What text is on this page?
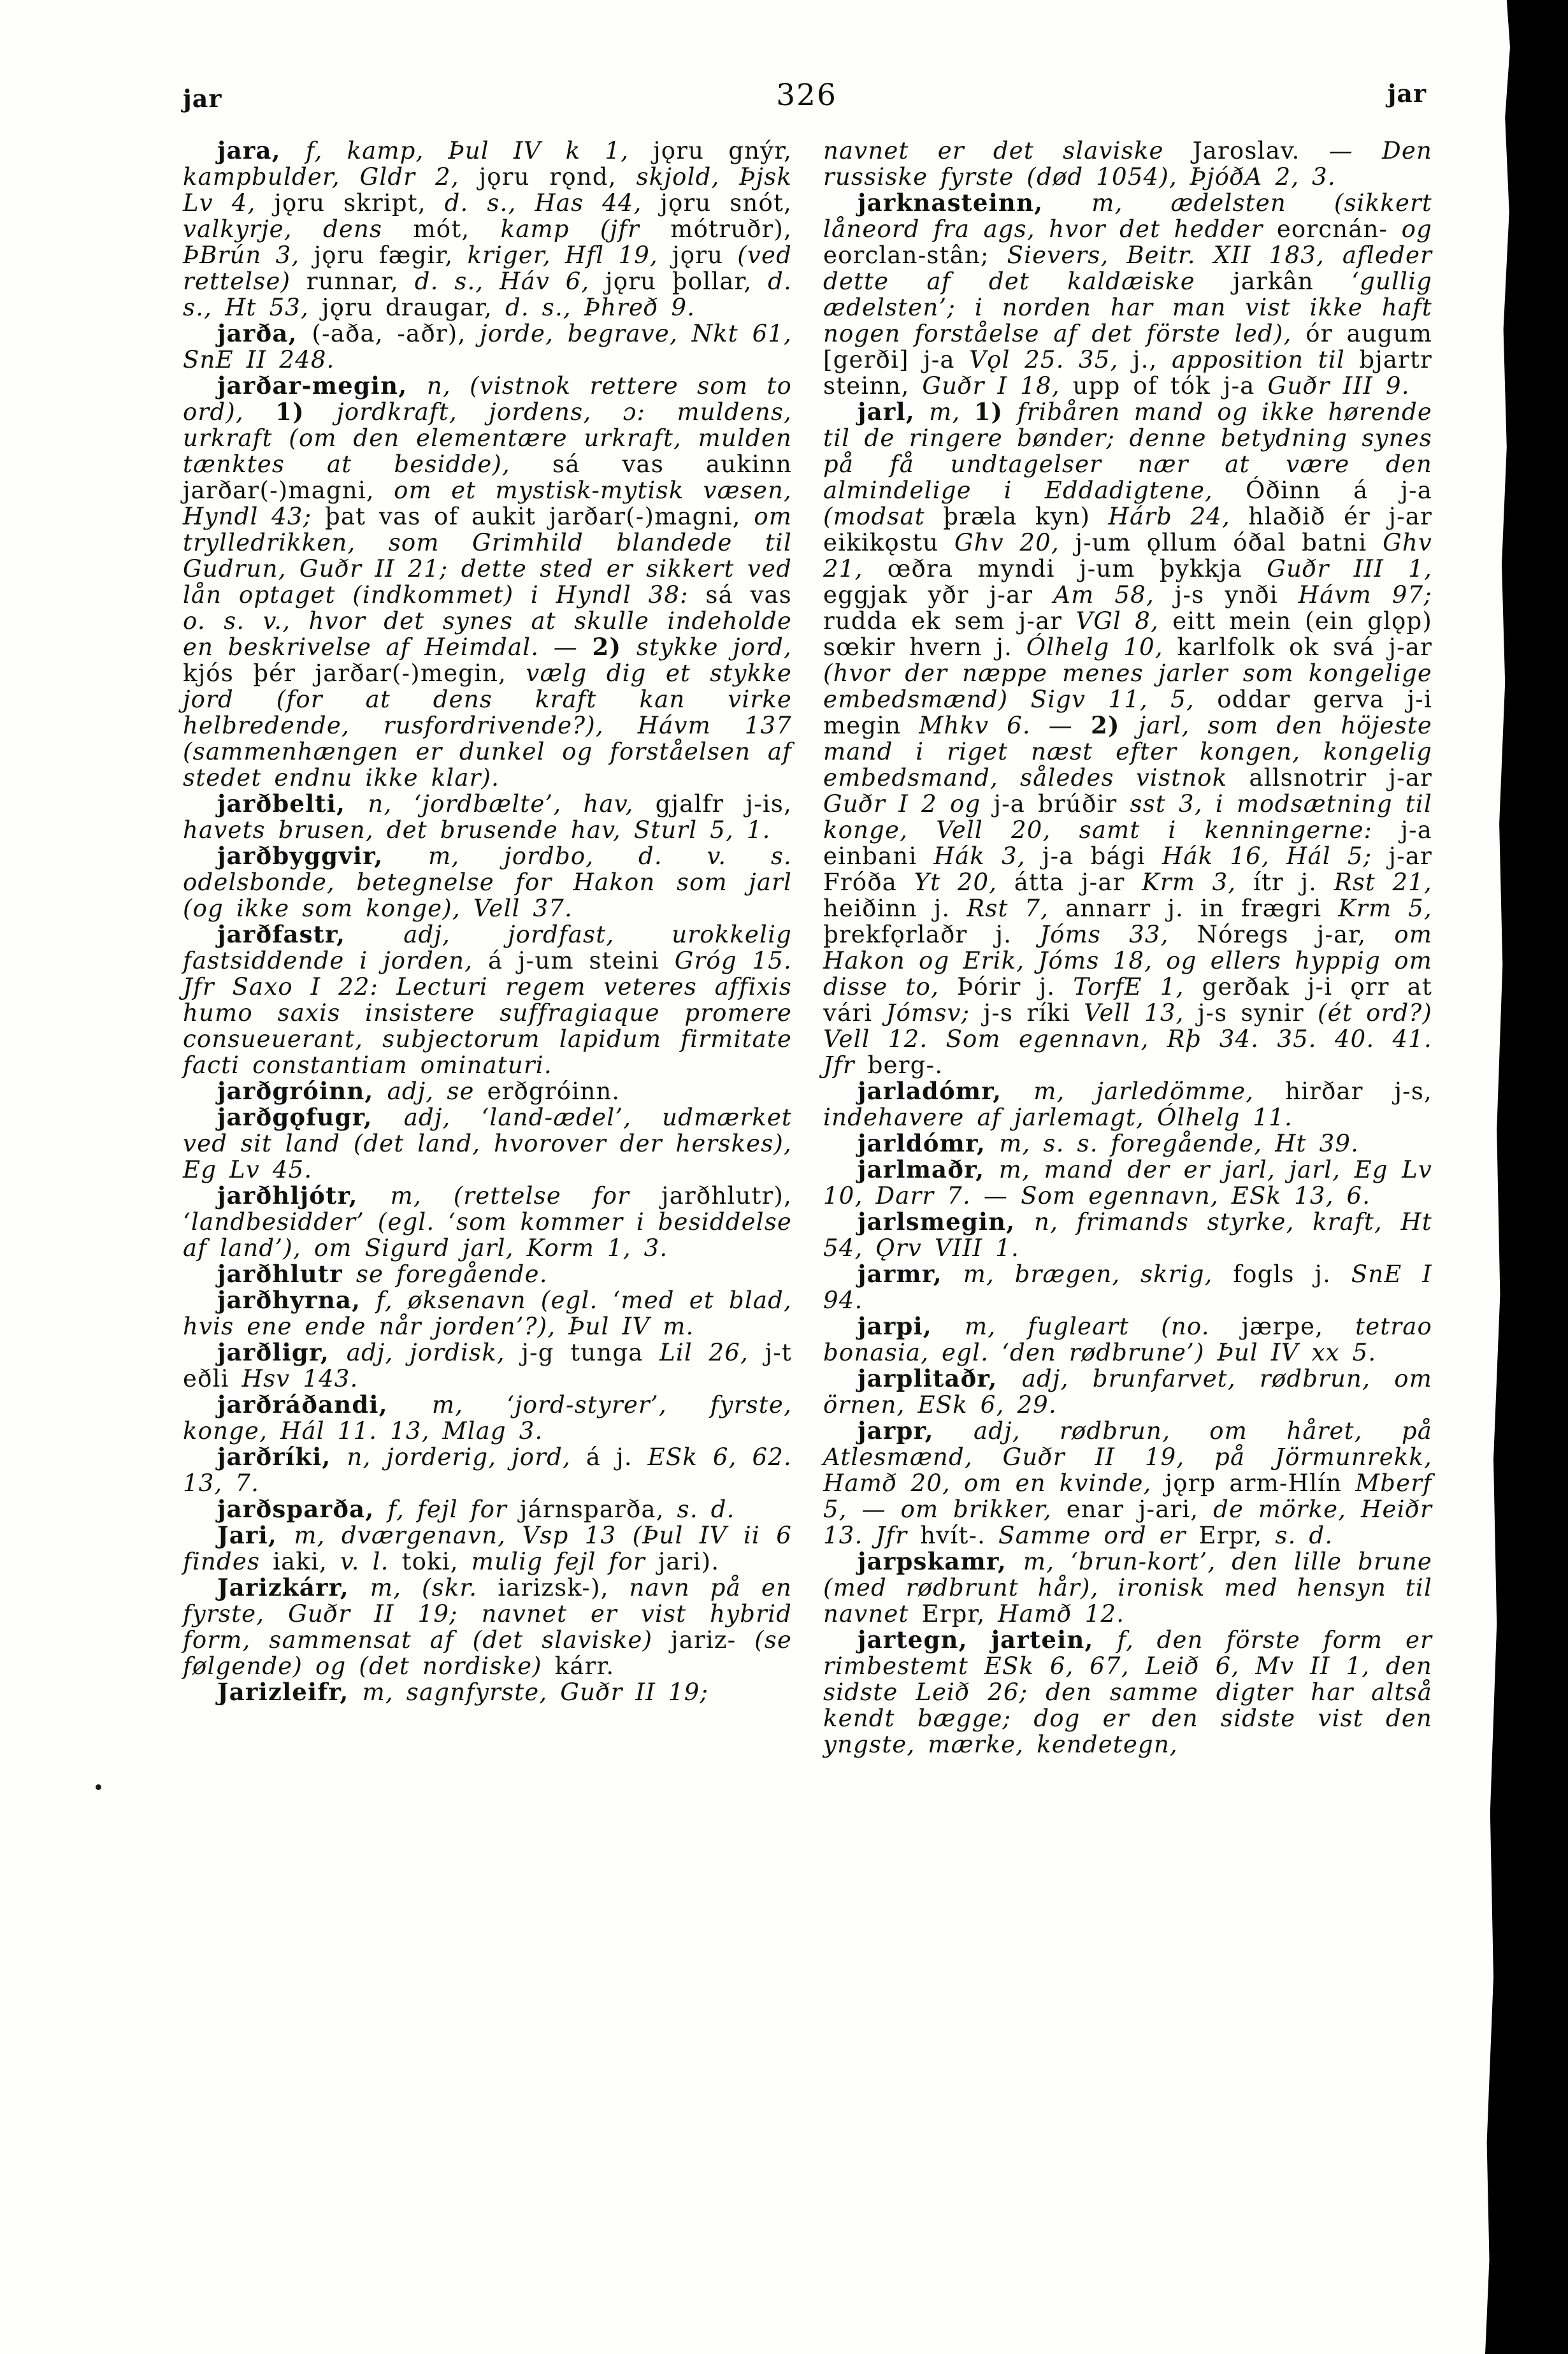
jar	326	jar

jara, f, kamp, Þul IV k 1, jǫru gnýr, kampbulder, Gldr 2, jǫru rǫnd, skjold, Þjsk Lv 4, jǫru skript, d. s., Has 44, jǫru snót, valkyrje, dens mót, kamp (jfr mótruðr), ÞBrún 3, jǫru fægir, kriger, Hfl 19, jǫru (ved rettelse) runnar, d. s., Háv 6, jǫru þollar, d. s., Ht 53, jǫru draugar, d. s., Þhreð 9.

jarða, (-aða, -aðr), jorde, begrave, Nkt 61, SnE II 248.

jarðar-megin, n, (vistnok rettere som to ord), 1) jordkraft, jordens, ɔ: muldens, urkraft (om den elementære urkraft, mulden tænktes at besidde), sá vas aukinn jarðar(-)magni, om et mystisk-mytisk væsen, Hyndl 43; þat vas of aukit jarðar(-)magni, om trylledrikken, som Grimhild blandede til Gudrun, Guðr II 21; dette sted er sikkert ved lån optaget (indkommet) i Hyndl 38: sá vas o. s. v., hvor det synes at skulle indeholde en beskrivelse af Heimdal. — 2) stykke jord, kjós þér jarðar(-)megin, vælg dig et stykke jord (for at dens kraft kan virke helbredende, rusfordrivende?), Hávm 137 (sammenhængen er dunkel og forståelsen af stedet endnu ikke klar).

jarðbelti, n, ‘jordbælte’, hav, gjalfr j-is, havets brusen, det brusende hav, Sturl 5, 1.

jarðbyggvir, m, jordbo, d. v. s. odelsbonde, betegnelse for Hakon som jarl (og ikke som konge), Vell 37.

jarðfastr, adj, jordfast, urokkelig fastsiddende i jorden, á j-um steini Gróg 15. Jfr Saxo I 22: Lecturi regem veteres affixis humo saxis insistere suffragiaque promere consueuerant, subjectorum lapidum firmitate facti constantiam ominaturi.

jarðgróinn, adj, se erðgróinn.

jarðgǫfugr, adj, ‘land-ædel’, udmærket ved sit land (det land, hvorover der herskes), Eg Lv 45.

jarðhljótr, m, (rettelse for jarðhlutr), ‘landbesidder’ (egl. ‘som kommer i besiddelse af land’), om Sigurd jarl, Korm 1, 3.

jarðhlutr se foregående.

jarðhyrna, f, øksenavn (egl. ‘med et blad, hvis ene ende når jorden’?), Þul IV m.

jarðligr, adj, jordisk, j-g tunga Lil 26, j-t eðli Hsv 143.

jarðráðandi, m, ‘jord-styrer’, fyrste, konge, Hál 11. 13, Mlag 3.

jarðríki, n, jorderig, jord, á j. ESk 6, 62. 13, 7.

jarðsparða, f, fejl for járnsparða, s. d.

Jari, m, dværgenavn, Vsp 13 (Þul IV ii 6 findes iaki, v. l. toki, mulig fejl for jari).

Jarizkárr, m, (skr. iarizsk-), navn på en fyrste, Guðr II 19; navnet er vist hybrid form, sammensat af (det slaviske) jariz- (se følgende) og (det nordiske) kárr.

Jarizleifr, m, sagnfyrste, Guðr II 19;

navnet er det slaviske Jaroslav. — Den russiske fyrste (død 1054), ÞjóðA 2, 3.

jarknasteinn, m, ædelsten (sikkert låneord fra ags, hvor det hedder eorcnán- og eorclan-stân; Sievers, Beitr. XII 183, afleder dette af det kaldæiske jarkân ‘gullig ædelsten’; i norden har man vist ikke haft nogen forståelse af det förste led), ór augum [gerði] j-a Vǫl 25. 35, j., apposition til bjartr steinn, Guðr I 18, upp of tók j-a Guðr III 9.

jarl, m, 1) fribåren mand og ikke hørende til de ringere bønder; denne betydning synes på få undtagelser nær at være den almindelige i Eddadigtene, Óðinn á j-a (modsat þræla kyn) Hárb 24, hlaðið ér j-ar eikikǫstu Ghv 20, j-um ǫllum óðal batni Ghv 21, œðra myndi j-um þykkja Guðr III 1, eggjak yðr j-ar Am 58, j-s ynði Hávm 97; rudda ek sem j-ar VGl 8, eitt mein (ein glǫp) sœkir hvern j. Ólhelg 10, karlfolk ok svá j-ar (hvor der næppe menes jarler som kongelige embedsmænd) Sigv 11, 5, oddar gerva j-i megin Mhkv 6. — 2) jarl, som den höjeste mand i riget næst efter kongen, kongelig embedsmand, således vistnok allsnotrir j-ar Guðr I 2 og j-a brúðir sst 3, i modsætning til konge, Vell 20, samt i kenningerne: j-a einbani Hák 3, j-a bági Hák 16, Hál 5; j-ar Fróða Yt 20, átta j-ar Krm 3, ítr j. Rst 21, heiðinn j. Rst 7, annarr j. in frægri Krm 5, þrekfǫrlaðr j. Jóms 33, Nóregs j-ar, om Hakon og Erik, Jóms 18, og ellers hyppig om disse to, Þórir j. TorfE 1, gerðak j-i ǫrr at vári Jómsv; j-s ríki Vell 13, j-s synir (ét ord?) Vell 12. Som egennavn, Rþ 34. 35. 40. 41. Jfr berg-.

jarladómr, m, jarledömme, hirðar j-s, indehavere af jarlemagt, Ólhelg 11.

jarldómr, m, s. s. foregående, Ht 39.

jarlmaðr, m, mand der er jarl, jarl, Eg Lv 10, Darr 7. — Som egennavn, ESk 13, 6.

jarlsmegin, n, frimands styrke, kraft, Ht 54, Ǫrv VIII 1.

jarmr, m, brægen, skrig, fogls j. SnE I 94.

jarpi, m, fugleart (no. jærpe, tetrao bonasia, egl. ‘den rødbrune’) Þul IV xx 5.

jarplitaðr, adj, brunfarvet, rødbrun, om örnen, ESk 6, 29.

jarpr, adj, rødbrun, om håret, på Atlesmænd, Guðr II 19, på Jörmunrekk, Hamð 20, om en kvinde, jǫrp arm-Hlín Mberf 5, — om brikker, enar j-ari, de mörke, Heiðr 13. Jfr hvít-. Samme ord er Erpr, s. d.

jarpskamr, m, ‘brun-kort’, den lille brune (med rødbrunt hår), ironisk med hensyn til navnet Erpr, Hamð 12.

jartegn, jartein, f, den förste form er rimbestemt ESk 6, 67, Leið 6, Mv II 1, den sidste Leið 26; den samme digter har altså kendt bægge; dog er den sidste vist den yngste, mærke, kendetegn,
